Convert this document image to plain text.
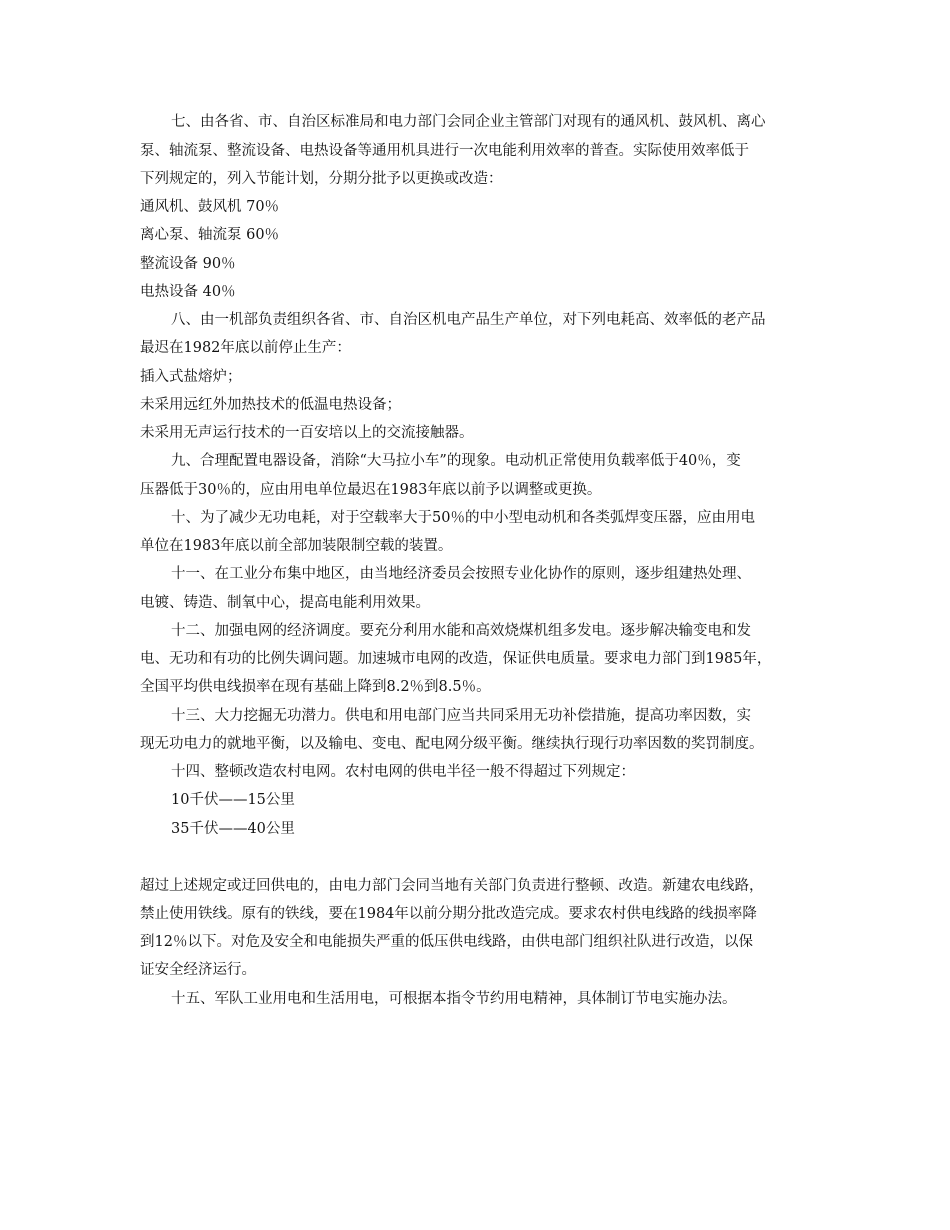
七、由各省、市、自治区标准局和电力部门会同企业主管部门对现有的通风机、鼓风机、离心
泵、轴流泵、整流设备、电热设备等通用机具进行一次电能利用效率的普查。实际使用效率低于
下列规定的，列入节能计划，分期分批予以更换或改造：
通风机、鼓风机 70％
离心泵、轴流泵 60％
整流设备 90％
电热设备 40％
八、由一机部负责组织各省、市、自治区机电产品生产单位，对下列电耗高、效率低的老产品
最迟在1982年底以前停止生产：
插入式盐熔炉；
未采用远红外加热技术的低温电热设备；
未采用无声运行技术的一百安培以上的交流接触器。
九、合理配置电器设备，消除“大马拉小车”的现象。电动机正常使用负载率低于40％，变
压器低于30％的，应由用电单位最迟在1983年底以前予以调整或更换。
十、为了减少无功电耗，对于空载率大于50％的中小型电动机和各类弧焊变压器，应由用电
单位在1983年底以前全部加装限制空载的装置。
十一、在工业分布集中地区，由当地经济委员会按照专业化协作的原则，逐步组建热处理、
电镀、铸造、制氧中心，提高电能利用效果。
十二、加强电网的经济调度。要充分利用水能和高效烧煤机组多发电。逐步解决输变电和发
电、无功和有功的比例失调问题。加速城市电网的改造，保证供电质量。要求电力部门到1985年，
全国平均供电线损率在现有基础上降到8.2％到8.5％。
十三、大力挖掘无功潜力。供电和用电部门应当共同采用无功补偿措施，提高功率因数，实
现无功电力的就地平衡，以及输电、变电、配电网分级平衡。继续执行现行功率因数的奖罚制度。
十四、整顿改造农村电网。农村电网的供电半径一般不得超过下列规定：
10千伏——15公里
35千伏——40公里
超过上述规定或迂回供电的，由电力部门会同当地有关部门负责进行整顿、改造。新建农电线路，
禁止使用铁线。原有的铁线，要在1984年以前分期分批改造完成。要求农村供电线路的线损率降
到12％以下。对危及安全和电能损失严重的低压供电线路，由供电部门组织社队进行改造，以保
证安全经济运行。
十五、军队工业用电和生活用电，可根据本指令节约用电精神，具体制订节电实施办法。
